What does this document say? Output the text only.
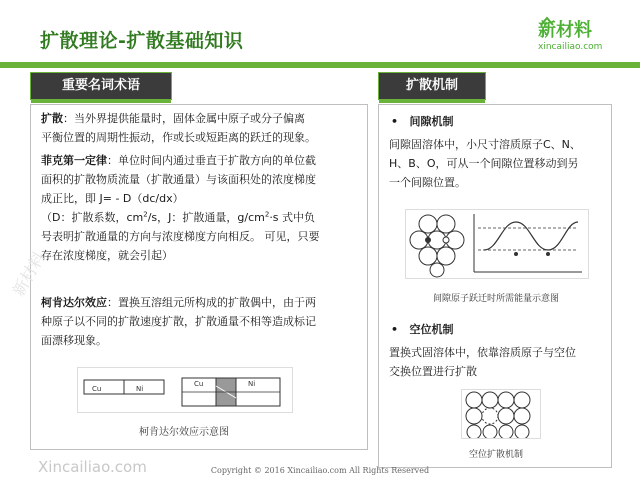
扩散理论-扩散基础知识	新材料
xincailiao.com
重要名词术语	扩散机制
扩散：当外界提供能量时，固体金属中原子或分子偏离
平衡位置的周期性振动，作或长或短距离的跃迁的现象。
菲克第一定律：单位时间内通过垂直于扩散方向的单位截
面积的扩散物质流量（扩散通量）与该面积处的浓度梯度
成正比，即 J= - D（dc/dx）
（D：扩散系数，$cm^2/s$，J：扩散通量，$g/cm^2\cdot s$ 式中负
号表明扩散通量的方向与浓度梯度方向相反。 可见，只要
存在浓度梯度，就会引起）
柯肯达尔效应：置换互溶组元所构成的扩散偶中，由于两
种原子以不同的扩散速度扩散，扩散通量不相等造成标记
面漂移现象。
Cu	Ni
Cu	Ni
柯肯达尔效应示意图
• 间隙机制
间隙固溶体中，小尺寸溶质原子C、N、
H、B、O，可从一个间隙位置移动到另
一个间隙位置。
间隙原子跃迁时所需能量示意图
• 空位机制
置换式固溶体中，依靠溶质原子与空位
交换位置进行扩散
空位扩散机制
新材料
Xincailiao.com	Copyright © 2016 Xincailiao.com All Rights Reserved
